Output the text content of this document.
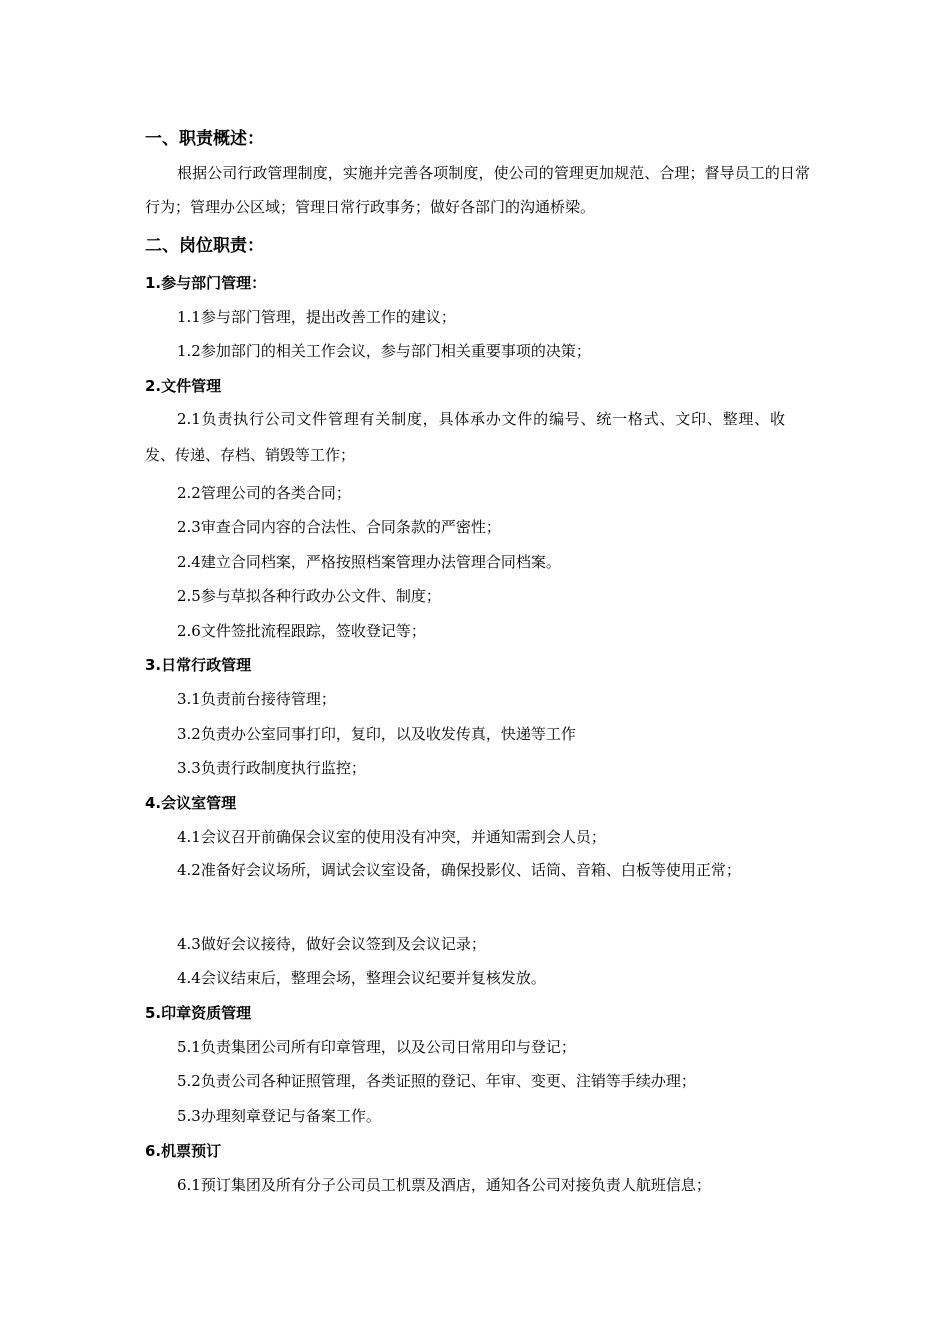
一、职责概述：
根据公司行政管理制度，实施并完善各项制度，使公司的管理更加规范、合理；督导员工的日常行为；管理办公区域；管理日常行政事务；做好各部门的沟通桥梁。
二、岗位职责：
1.参与部门管理：
1.1参与部门管理，提出改善工作的建议；
1.2参加部门的相关工作会议，参与部门相关重要事项的决策；
2.文件管理
2.1负责执行公司文件管理有关制度，具体承办文件的编号、统一格式、文印、整理、收发、传递、存档、销毁等工作；
2.2管理公司的各类合同；
2.3审查合同内容的合法性、合同条款的严密性；
2.4建立合同档案，严格按照档案管理办法管理合同档案。
2.5参与草拟各种行政办公文件、制度；
2.6文件签批流程跟踪，签收登记等；
3.日常行政管理
3.1负责前台接待管理；
3.2负责办公室同事打印，复印，以及收发传真，快递等工作
3.3负责行政制度执行监控；
4.会议室管理
4.1会议召开前确保会议室的使用没有冲突，并通知需到会人员；
4.2准备好会议场所，调试会议室设备，确保投影仪、话筒、音箱、白板等使用正常；
4.3做好会议接待，做好会议签到及会议记录；
4.4会议结束后，整理会场，整理会议纪要并复核发放。
5.印章资质管理
5.1负责集团公司所有印章管理，以及公司日常用印与登记；
5.2负责公司各种证照管理，各类证照的登记、年审、变更、注销等手续办理；
5.3办理刻章登记与备案工作。
6.机票预订
6.1预订集团及所有分子公司员工机票及酒店，通知各公司对接负责人航班信息；
